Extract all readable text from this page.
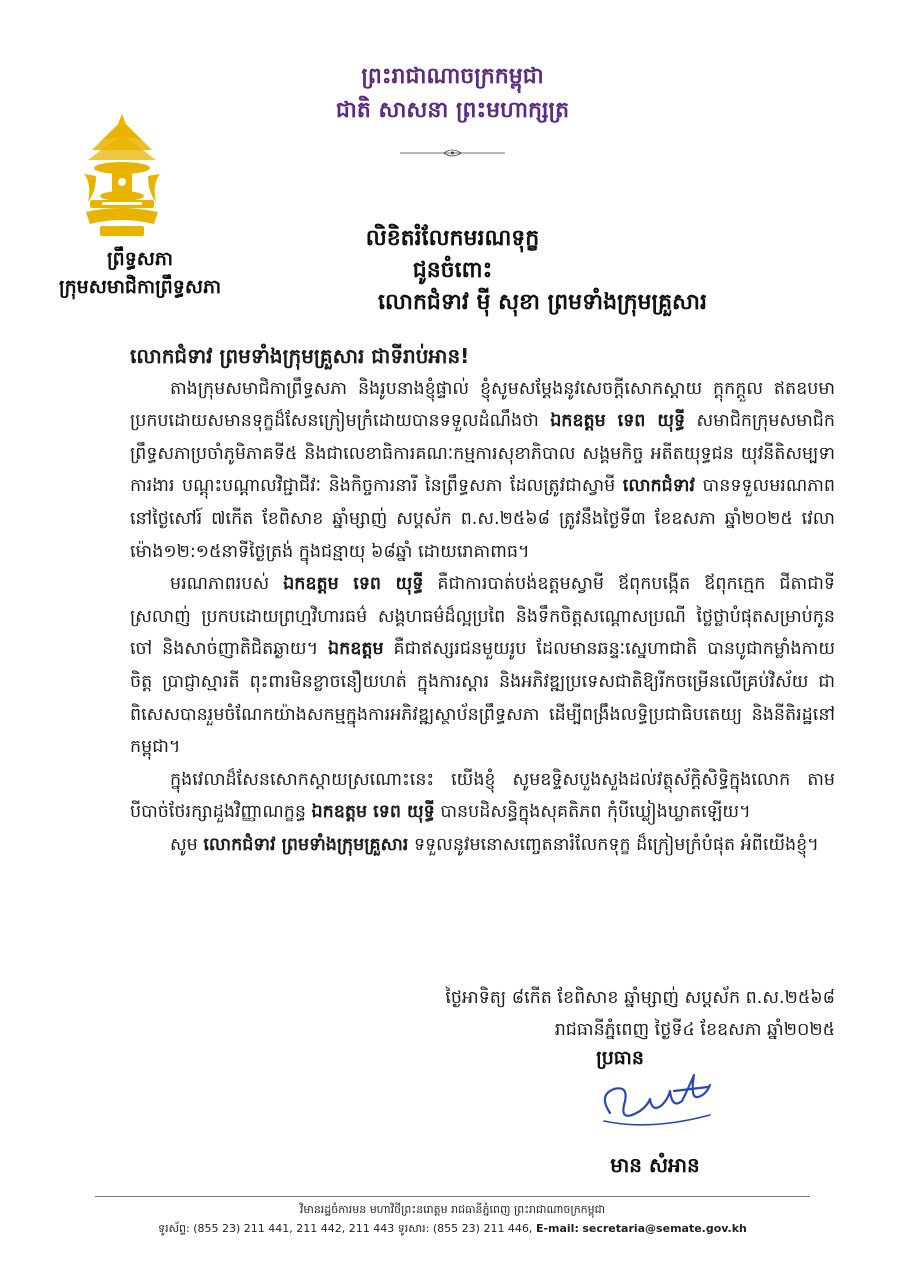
ព្រះរាជាណាចក្រកម្ពុជា
ជាតិ សាសនា ព្រះមហាក្សត្រ
ព្រឹទ្ធសភា
ក្រុមសមាជិកាព្រឹទ្ធសភា
លិខិតរំលែកមរណទុក្ខ
ជូនចំពោះ
លោកជំទាវ ម៉ី សុខា ព្រមទាំងក្រុមគ្រួសារ

លោកជំទាវ ព្រមទាំងក្រុមគ្រួសារ ជាទីរាប់អាន!

តាងក្រុមសមាជិកាព្រឹទ្ធសភា និងរូបនាងខ្ញុំផ្ទាល់ ខ្ញុំសូមសម្ដែងនូវសេចក្ដីសោកស្ដាយ ក្ដុកក្ដួល ឥតឧបមា ប្រកបដោយសមានទុក្ខដ៏សែនក្រៀមក្រំដោយបានទទួលដំណឹងថា ឯកឧត្តម ទេព យុទ្ធី សមាជិកក្រុមសមាជិកព្រឹទ្ធសភាប្រចាំភូមិភាគទី៥ និងជាលេខាធិការគណៈកម្មការសុខាភិបាល សង្គមកិច្ច អតីតយុទ្ធជន យុវនីតិសម្បទា ការងារ បណ្ដុះបណ្ដាលវិជ្ជាជីវៈ និងកិច្ចការនារី នៃព្រឹទ្ធសភា ដែលត្រូវជាស្វាមី លោកជំទាវ បានទទួលមរណភាព នៅថ្ងៃសៅរ៍ ៧កើត ខែពិសាខ ឆ្នាំម្សាញ់ សប្តស័ក ព.ស.២៥៦៨ ត្រូវនឹងថ្ងៃទី៣ ខែឧសភា ឆ្នាំ២០២៥ វេលាម៉ោង១២:១៥នាទីថ្ងៃត្រង់ ក្នុងជន្មាយុ ៦៨ឆ្នាំ ដោយរោគាពាធ។

មរណភាពរបស់ ឯកឧត្តម ទេព យុទ្ធី គឺជាការបាត់បង់ឧត្តមស្វាមី ឪពុកបង្កើត ឪពុកក្មេក ជីតាជាទីស្រលាញ់ ប្រកបដោយព្រហ្មវិហារធម៌ សង្គហធម៌ដ៏ល្អប្រពៃ និងទឹកចិត្តសណ្ដោសប្រណី ថ្លៃថ្លាបំផុតសម្រាប់កូន ចៅ និងសាច់ញាតិជិតឆ្ងាយ។ ឯកឧត្តម គឺជាឥស្សរជនមួយរូប ដែលមានឆន្ទៈស្នេហាជាតិ បានបូជាកម្លាំងកាយចិត្ត ប្រាជ្ញាស្មារតី ពុះពារមិនខ្លាចនឿយហត់ ក្នុងការស្តារ និងអភិវឌ្ឍប្រទេសជាតិឱ្យរីកចម្រើនលើគ្រប់វិស័យ ជាពិសេសបានរួមចំណែកយ៉ាងសកម្មក្នុងការអភិវឌ្ឍស្ថាប័នព្រឹទ្ធសភា ដើម្បីពង្រឹងលទ្ធិប្រជាធិបតេយ្យ និងនីតិរដ្ឋនៅកម្ពុជា។

ក្នុងវេលាដ៏សែនសោកស្ដាយស្រណោះនេះ យើងខ្ញុំ សូមឧទ្ទិសបួងសួងដល់វត្ថុស័ក្តិសិទ្ធិក្នុងលោក តាមបីបាច់ថែរក្សាដួងវិញ្ញាណក្ខន្ធ ឯកឧត្តម ទេព យុទ្ធី បានបដិសន្ធិក្នុងសុគតិភព កុំបីឃ្លៀងឃ្លាតឡើយ។

សូម លោកជំទាវ ព្រមទាំងក្រុមគ្រួសារ ទទួលនូវមនោសញ្ចេតនារំលែកទុក្ខ ដ៏ក្រៀមក្រំបំផុត អំពីយើងខ្ញុំ។

ថ្ងៃអាទិត្យ ៨កើត ខែពិសាខ ឆ្នាំម្សាញ់ សប្តស័ក ព.ស.២៥៦៨
រាជធានីភ្នំពេញ ថ្ងៃទី៤ ខែឧសភា ឆ្នាំ២០២៥
ប្រធាន
មាន សំអាន
វិមានរដ្ឋចំការមន មហាវិថីព្រះនរោត្តម រាជធានីភ្នំពេញ ព្រះរាជាណាចក្រកម្ពុជា
ទូរស័ព្ទ: (855 23) 211 441, 211 442, 211 443 ទូរសារ: (855 23) 211 446, E-mail: secretaria@semate.gov.kh
